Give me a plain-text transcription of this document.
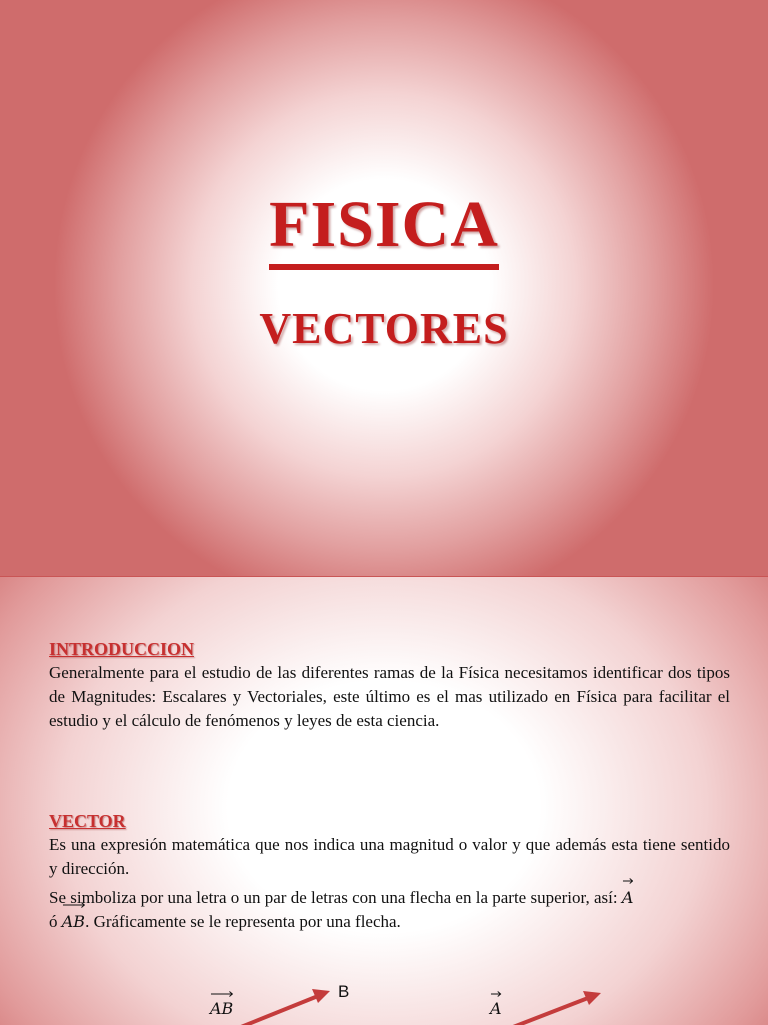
FISICA
VECTORES
INTRODUCCION

Generalmente para el estudio de las diferentes ramas de la Física necesitamos identificar dos tipos de Magnitudes: Escalares y Vectoriales, este último es el mas utilizado en Física para facilitar el estudio y el cálculo de fenómenos y leyes de esta ciencia.

VECTOR

Es una expresión matemática que nos indica una magnitud o valor y que además esta tiene sentido y dirección.

Se simboliza por una letra o un par de letras con una flecha en la parte superior, así: A
ó AB. Gráficamente se le representa por una flecha.

AB
B
A
